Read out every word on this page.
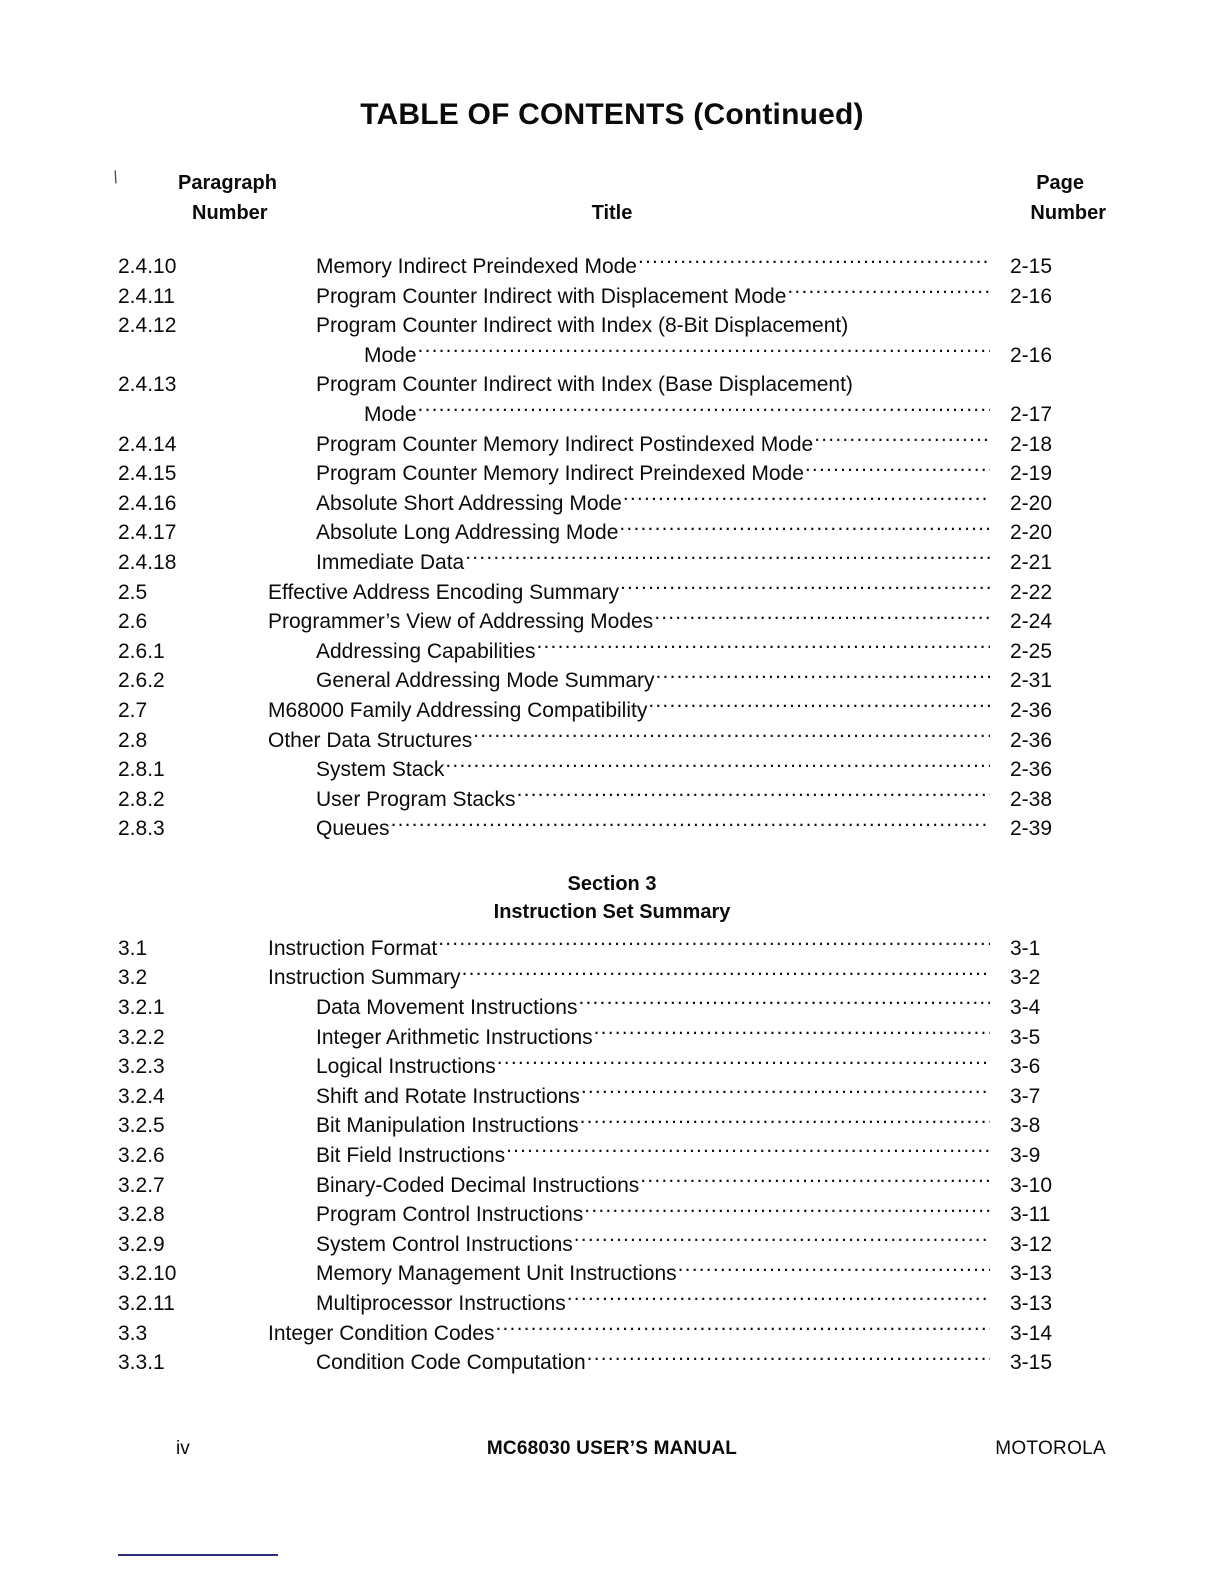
\
TABLE OF CONTENTS (Continued)
Paragraph
Number	Title
Page
Number
2.4.10	Memory Indirect Preindexed Mode .....	2-15
2.4.11	Program Counter Indirect with Displacement Mode .....	2-16
2.4.12	Program Counter Indirect with Index (8-Bit Displacement)
Mode .....	2-16
2.4.13	Program Counter Indirect with Index (Base Displacement)
Mode .....	2-17
2.4.14	Program Counter Memory Indirect Postindexed Mode .....	2-18
2.4.15	Program Counter Memory Indirect Preindexed Mode .....	2-19
2.4.16	Absolute Short Addressing Mode .....	2-20
2.4.17	Absolute Long Addressing Mode .....	2-20
2.4.18	Immediate Data .....	2-21
2.5	Effective Address Encoding Summary .....	2-22
2.6	Programmer’s View of Addressing Modes .....	2-24
2.6.1	Addressing Capabilities .....	2-25
2.6.2	General Addressing Mode Summary .....	2-31
2.7	M68000 Family Addressing Compatibility .....	2-36
2.8	Other Data Structures .....	2-36
2.8.1	System Stack .....	2-36
2.8.2	User Program Stacks .....	2-38
2.8.3	Queues .....	2-39
Section 3
Instruction Set Summary
3.1	Instruction Format .....	3-1
3.2	Instruction Summary .....	3-2
3.2.1	Data Movement Instructions .....	3-4
3.2.2	Integer Arithmetic Instructions .....	3-5
3.2.3	Logical Instructions .....	3-6
3.2.4	Shift and Rotate Instructions .....	3-7
3.2.5	Bit Manipulation Instructions .....	3-8
3.2.6	Bit Field Instructions .....	3-9
3.2.7	Binary-Coded Decimal Instructions .....	3-10
3.2.8	Program Control Instructions .....	3-11
3.2.9	System Control Instructions .....	3-12
3.2.10	Memory Management Unit Instructions .....	3-13
3.2.11	Multiprocessor Instructions .....	3-13
3.3	Integer Condition Codes .....	3-14
3.3.1	Condition Code Computation .....	3-15
iv	MC68030 USER’S MANUAL	MOTOROLA
